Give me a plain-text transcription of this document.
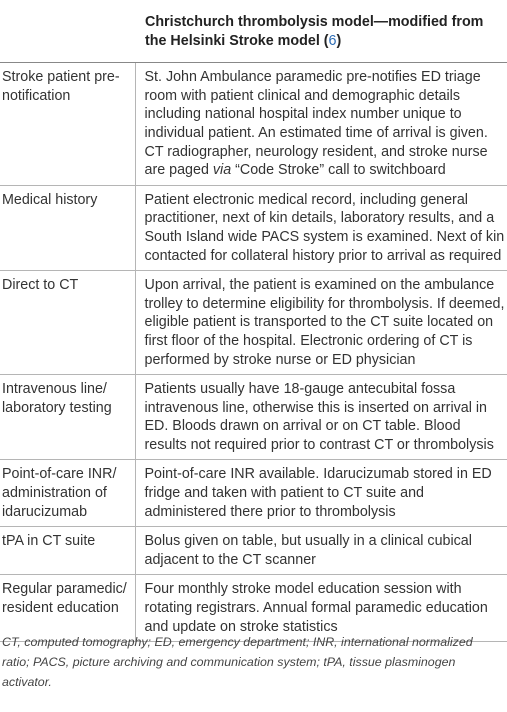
	Christchurch thrombolysis model—modified from the Helsinki Stroke model (6)
Stroke patient pre-notification	St. John Ambulance paramedic pre-notifies ED triage room with patient clinical and demographic details including national hospital index number unique to individual patient. An estimated time of arrival is given. CT radiographer, neurology resident, and stroke nurse are paged via “Code Stroke” call to switchboard
Medical history	Patient electronic medical record, including general practitioner, next of kin details, laboratory results, and a South Island wide PACS system is examined. Next of kin contacted for collateral history prior to arrival as required
Direct to CT	Upon arrival, the patient is examined on the ambulance trolley to determine eligibility for thrombolysis. If deemed, eligible patient is transported to the CT suite located on first floor of the hospital. Electronic ordering of CT is performed by stroke nurse or ED physician
Intravenous line/ laboratory testing	Patients usually have 18-gauge antecubital fossa intravenous line, otherwise this is inserted on arrival in ED. Bloods drawn on arrival or on CT table. Blood results not required prior to contrast CT or thrombolysis
Point-of-care INR/ administration of idarucizumab	Point-of-care INR available. Idarucizumab stored in ED fridge and taken with patient to CT suite and administered there prior to thrombolysis
tPA in CT suite	Bolus given on table, but usually in a clinical cubical adjacent to the CT scanner
Regular paramedic/ resident education	Four monthly stroke model education session with rotating registrars. Annual formal paramedic education and update on stroke statistics
CT, computed tomography; ED, emergency department; INR, international normalized ratio; PACS, picture archiving and communication system; tPA, tissue plasminogen activator.
